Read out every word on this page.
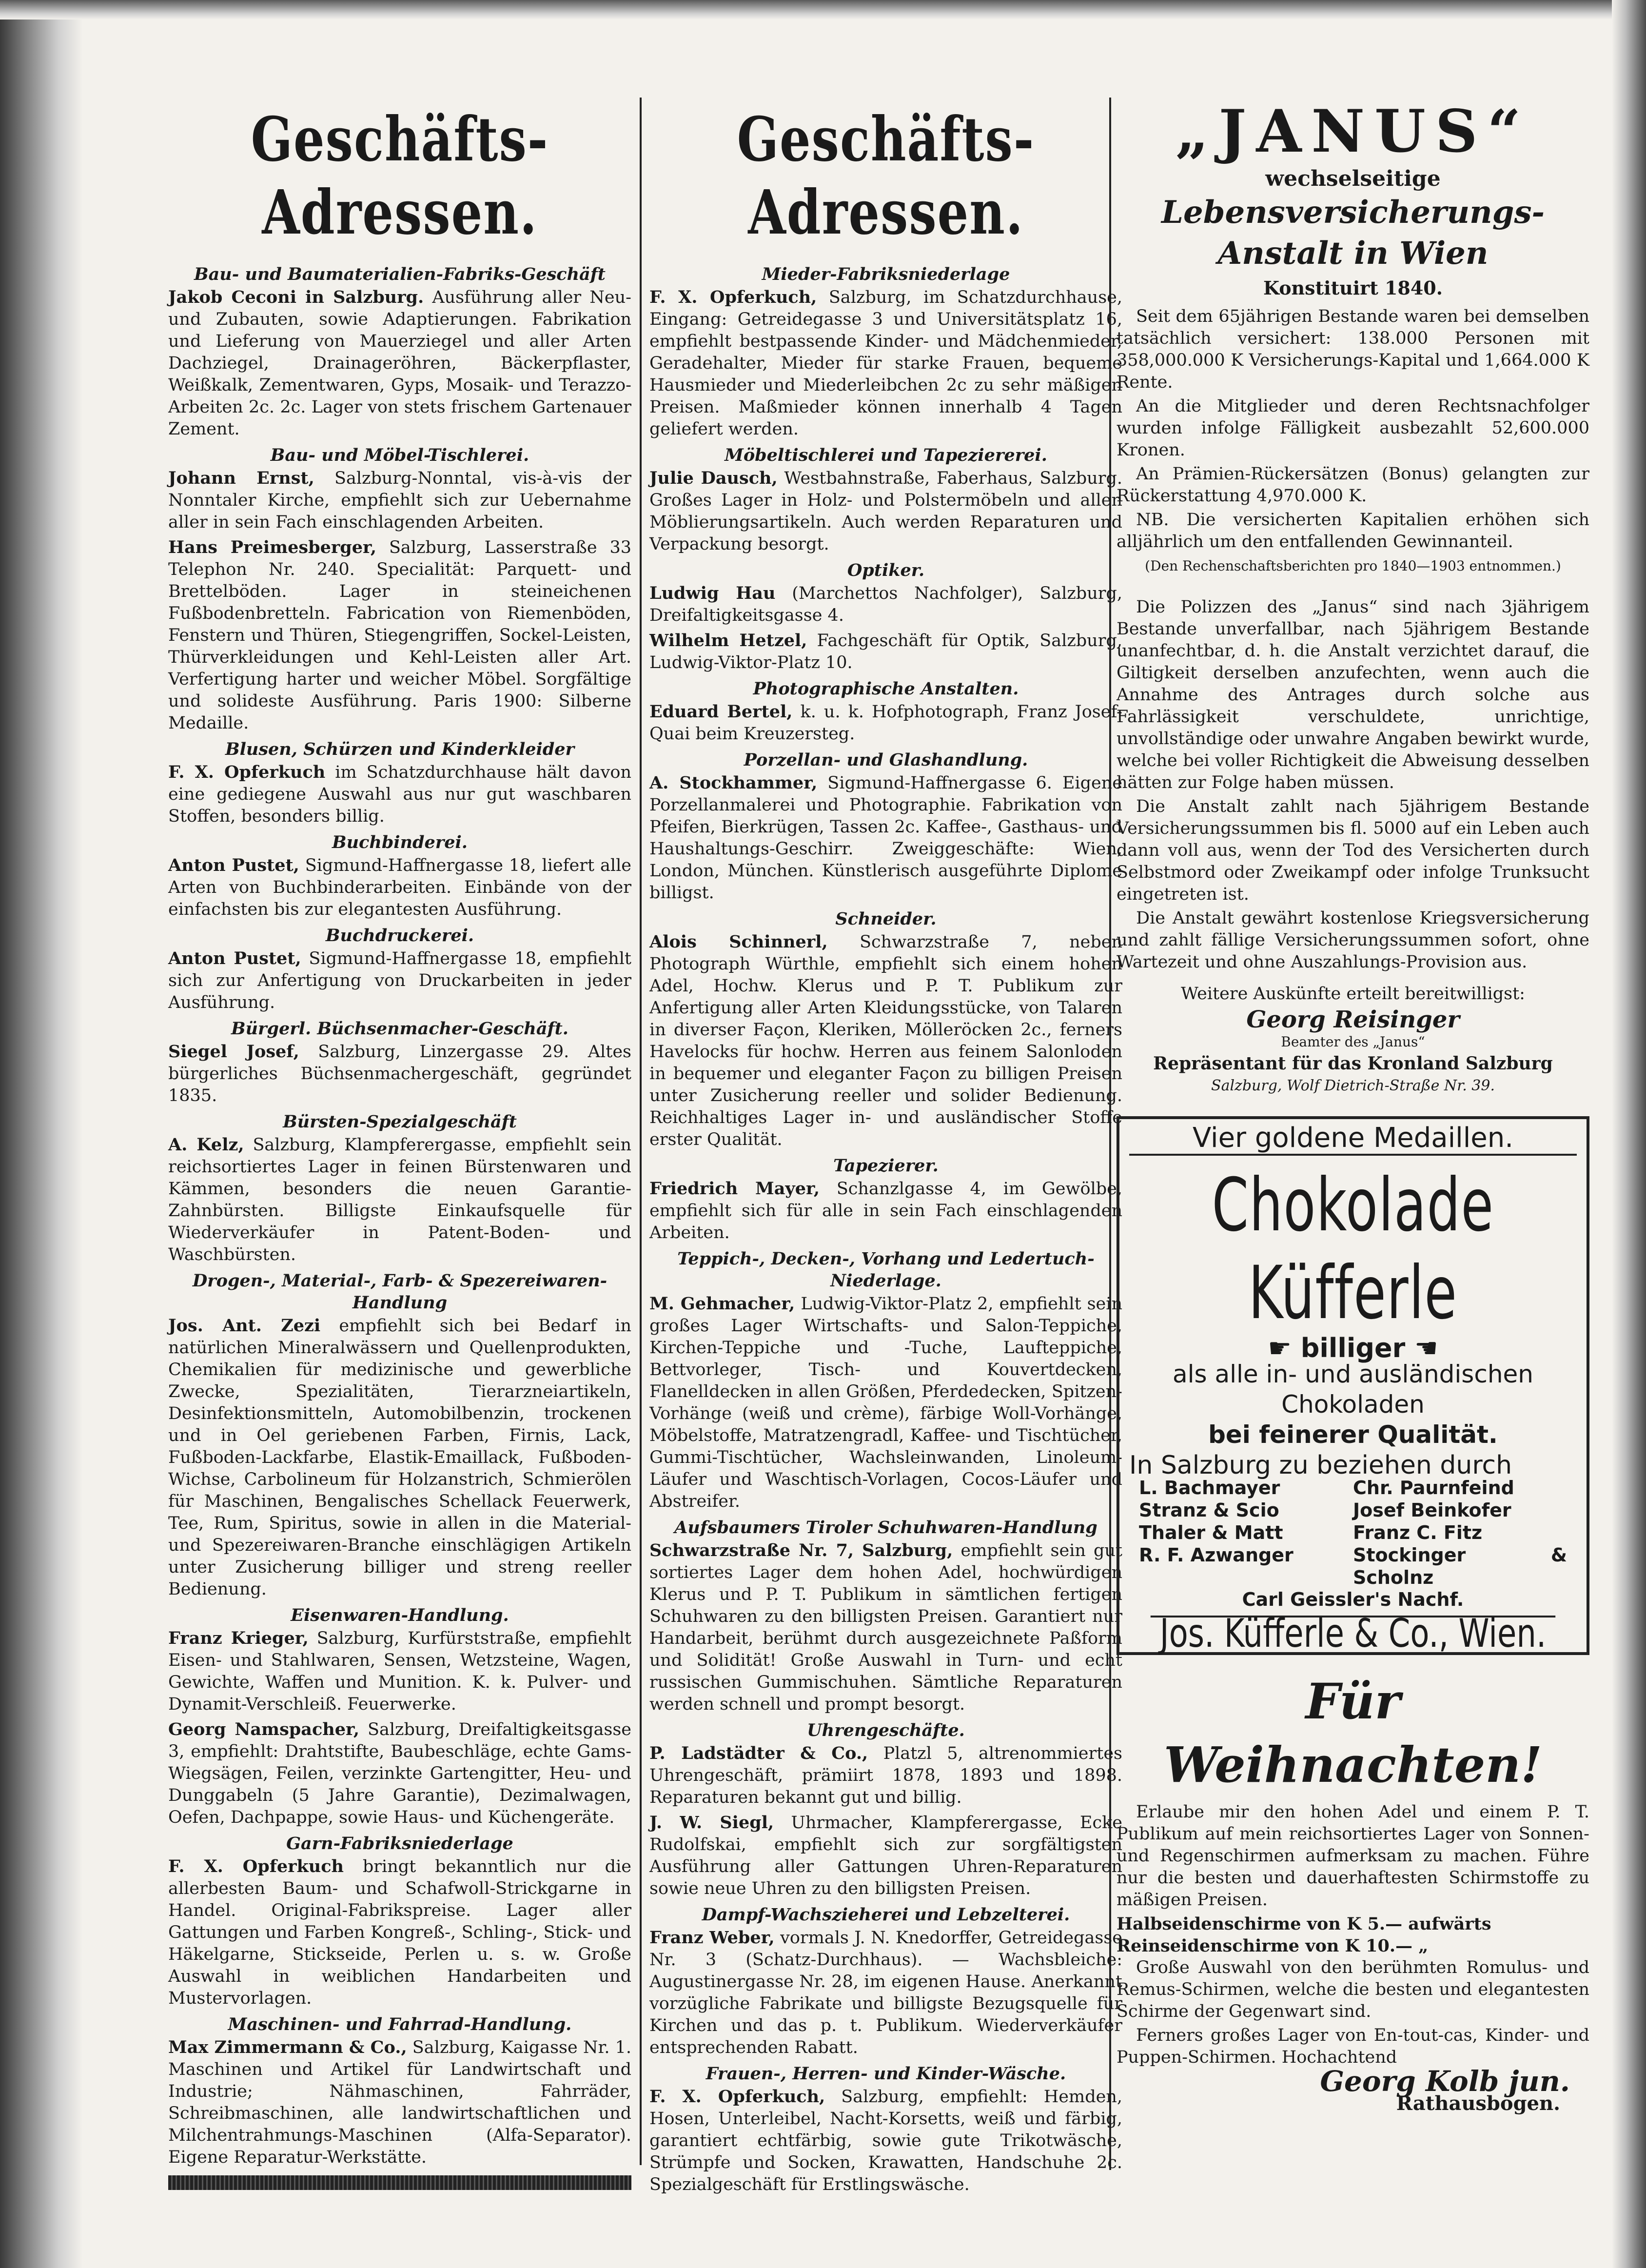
Geschäfts-Adressen.
Bau- und Baumaterialien-Fabriks-Geschäft
Jakob Ceconi in Salzburg. Ausführung aller Neu- und Zubauten, sowie Adaptierungen. Fabrikation und Lieferung von Mauerziegel und aller Arten Dachziegel, Drainageröhren, Bäckerpflaster, Weißkalk, Zementwaren, Gyps, Mosaik- und Terazzo-Arbeiten 2c. 2c. Lager von stets frischem Gartenauer Zement.
Bau- und Möbel-Tischlerei.
Johann Ernst, Salzburg-Nonntal, vis-à-vis der Nonntaler Kirche, empfiehlt sich zur Uebernahme aller in sein Fach einschlagenden Arbeiten.
Hans Preimesberger, Salzburg, Lasserstraße 33 Telephon Nr. 240. Specialität: Parquett- und Brettelböden. Lager in steineichenen Fußbodenbretteln. Fabrication von Riemenböden, Fenstern und Thüren, Stiegengriffen, Sockel-Leisten, Thürverkleidungen und Kehl-Leisten aller Art. Verfertigung harter und weicher Möbel. Sorgfältige und solideste Ausführung. Paris 1900: Silberne Medaille.
Blusen, Schürzen und Kinderkleider
F. X. Opferkuch im Schatzdurchhause hält davon eine gediegene Auswahl aus nur gut waschbaren Stoffen, besonders billig.
Buchbinderei.
Anton Pustet, Sigmund-Haffnergasse 18, liefert alle Arten von Buchbinderarbeiten. Einbände von der einfachsten bis zur elegantesten Ausführung.
Buchdruckerei.
Anton Pustet, Sigmund-Haffnergasse 18, empfiehlt sich zur Anfertigung von Druckarbeiten in jeder Ausführung.
Bürgerl. Büchsenmacher-Geschäft.
Siegel Josef, Salzburg, Linzergasse 29. Altes bürgerliches Büchsenmachergeschäft, gegründet 1835.
Bürsten-Spezialgeschäft
A. Kelz, Salzburg, Klampferergasse, empfiehlt sein reichsortiertes Lager in feinen Bürstenwaren und Kämmen, besonders die neuen Garantie-Zahnbürsten. Billigste Einkaufsquelle für Wiederverkäufer in Patent-Boden- und Waschbürsten.
Drogen-, Material-, Farb- & Spezereiwaren-Handlung
Jos. Ant. Zezi empfiehlt sich bei Bedarf in natürlichen Mineralwässern und Quellenprodukten, Chemikalien für medizinische und gewerbliche Zwecke, Spezialitäten, Tierarzneiartikeln, Desinfektionsmitteln, Automobilbenzin, trockenen und in Oel geriebenen Farben, Firnis, Lack, Fußboden-Lackfarbe, Elastik-Emaillack, Fußboden-Wichse, Carbolineum für Holzanstrich, Schmierölen für Maschinen, Bengalisches Schellack Feuerwerk, Tee, Rum, Spiritus, sowie in allen in die Material- und Spezereiwaren-Branche einschlägigen Artikeln unter Zusicherung billiger und streng reeller Bedienung.
Eisenwaren-Handlung.
Franz Krieger, Salzburg, Kurfürststraße, empfiehlt Eisen- und Stahlwaren, Sensen, Wetzsteine, Wagen, Gewichte, Waffen und Munition. K. k. Pulver- und Dynamit-Verschleiß. Feuerwerke.
Georg Namspacher, Salzburg, Dreifaltigkeitsgasse 3, empfiehlt: Drahtstifte, Baubeschläge, echte Gams-Wiegsägen, Feilen, verzinkte Gartengitter, Heu- und Dunggabeln (5 Jahre Garantie), Dezimalwagen, Oefen, Dachpappe, sowie Haus- und Küchengeräte.
Garn-Fabriksniederlage
F. X. Opferkuch bringt bekanntlich nur die allerbesten Baum- und Schafwoll-Strickgarne in Handel. Original-Fabrikspreise. Lager aller Gattungen und Farben Kongreß-, Schling-, Stick- und Häkelgarne, Stickseide, Perlen u. s. w. Große Auswahl in weiblichen Handarbeiten und Mustervorlagen.
Maschinen- und Fahrrad-Handlung.
Max Zimmermann & Co., Salzburg, Kaigasse Nr. 1. Maschinen und Artikel für Landwirtschaft und Industrie; Nähmaschinen, Fahrräder, Schreibmaschinen, alle landwirtschaftlichen und Milchentrahmungs-Maschinen (Alfa-Separator). Eigene Reparatur-Werkstätte.
Geschäfts-Adressen.
Mieder-Fabriksniederlage
F. X. Opferkuch, Salzburg, im Schatzdurchhause, Eingang: Getreidegasse 3 und Universitätsplatz 16, empfiehlt bestpassende Kinder- und Mädchenmieder, Geradehalter, Mieder für starke Frauen, bequeme Hausmieder und Miederleibchen 2c zu sehr mäßigen Preisen. Maßmieder können innerhalb 4 Tagen geliefert werden.
Möbeltischlerei und Tapeziererei.
Julie Dausch, Westbahnstraße, Faberhaus, Salzburg. Großes Lager in Holz- und Polstermöbeln und allen Möblierungsartikeln. Auch werden Reparaturen und Verpackung besorgt.
Optiker.
Ludwig Hau (Marchettos Nachfolger), Salzburg, Dreifaltigkeitsgasse 4.
Wilhelm Hetzel, Fachgeschäft für Optik, Salzburg, Ludwig-Viktor-Platz 10.
Photographische Anstalten.
Eduard Bertel, k. u. k. Hofphotograph, Franz Josef-Quai beim Kreuzersteg.
Porzellan- und Glashandlung.
A. Stockhammer, Sigmund-Haffnergasse 6. Eigene Porzellanmalerei und Photographie. Fabrikation von Pfeifen, Bierkrügen, Tassen 2c. Kaffee-, Gasthaus- und Haushaltungs-Geschirr. Zweiggeschäfte: Wien, London, München. Künstlerisch ausgeführte Diplome billigst.
Schneider.
Alois Schinnerl, Schwarzstraße 7, neben Photograph Würthle, empfiehlt sich einem hohen Adel, Hochw. Klerus und P. T. Publikum zur Anfertigung aller Arten Kleidungsstücke, von Talaren in diverser Façon, Kleriken, Mölleröcken 2c., ferners Havelocks für hochw. Herren aus feinem Salonloden in bequemer und eleganter Façon zu billigen Preisen unter Zusicherung reeller und solider Bedienung. Reichhaltiges Lager in- und ausländischer Stoffe erster Qualität.
Tapezierer.
Friedrich Mayer, Schanzlgasse 4, im Gewölbe, empfiehlt sich für alle in sein Fach einschlagenden Arbeiten.
Teppich-, Decken-, Vorhang und Ledertuch-Niederlage.
M. Gehmacher, Ludwig-Viktor-Platz 2, empfiehlt sein großes Lager Wirtschafts- und Salon-Teppiche, Kirchen-Teppiche und -Tuche, Laufteppiche, Bettvorleger, Tisch- und Kouvertdecken, Flanelldecken in allen Größen, Pferdedecken, Spitzen-Vorhänge (weiß und crème), färbige Woll-Vorhänge, Möbelstoffe, Matratzengradl, Kaffee- und Tischtücher, Gummi-Tischtücher, Wachsleinwanden, Linoleum-Läufer und Waschtisch-Vorlagen, Cocos-Läufer und Abstreifer.
Aufsbaumers Tiroler Schuhwaren-Handlung
Schwarzstraße Nr. 7, Salzburg, empfiehlt sein gut sortiertes Lager dem hohen Adel, hochwürdigen Klerus und P. T. Publikum in sämtlichen fertigen Schuhwaren zu den billigsten Preisen. Garantiert nur Handarbeit, berühmt durch ausgezeichnete Paßform und Solidität! Große Auswahl in Turn- und echt russischen Gummischuhen. Sämtliche Reparaturen werden schnell und prompt besorgt.
Uhrengeschäfte.
P. Ladstädter & Co., Platzl 5, altrenommiertes Uhrengeschäft, prämiirt 1878, 1893 und 1898. Reparaturen bekannt gut und billig.
J. W. Siegl, Uhrmacher, Klampferergasse, Ecke Rudolfskai, empfiehlt sich zur sorgfältigsten Ausführung aller Gattungen Uhren-Reparaturen sowie neue Uhren zu den billigsten Preisen.
Dampf-Wachszieherei und Lebzelterei.
Franz Weber, vormals J. N. Knedorffer, Getreidegasse Nr. 3 (Schatz-Durchhaus). — Wachsbleiche: Augustinergasse Nr. 28, im eigenen Hause. Anerkannt vorzügliche Fabrikate und billigste Bezugsquelle für Kirchen und das p. t. Publikum. Wiederverkäufer entsprechenden Rabatt.
Frauen-, Herren- und Kinder-Wäsche.
F. X. Opferkuch, Salzburg, empfiehlt: Hemden, Hosen, Unterleibel, Nacht-Korsetts, weiß und färbig, garantiert echtfärbig, sowie gute Trikotwäsche, Strümpfe und Socken, Krawatten, Handschuhe 2c. Spezialgeschäft für Erstlingswäsche.
„JANUS“
wechselseitige
Lebensversicherungs-Anstalt in Wien
Konstituirt 1840.
Seit dem 65jährigen Bestande waren bei demselben tatsächlich versichert: 138.000 Personen mit 358,000.000 K Versicherungs-Kapital und 1,664.000 K Rente.
An die Mitglieder und deren Rechtsnachfolger wurden infolge Fälligkeit ausbezahlt 52,600.000 Kronen.
An Prämien-Rückersätzen (Bonus) gelangten zur Rückerstattung 4,970.000 K.
NB. Die versicherten Kapitalien erhöhen sich alljährlich um den entfallenden Gewinnanteil.
(Den Rechenschaftsberichten pro 1840—1903 entnommen.)
Die Polizzen des „Janus“ sind nach 3jährigem Bestande unverfallbar, nach 5jährigem Bestande unanfechtbar, d. h. die Anstalt verzichtet darauf, die Giltigkeit derselben anzufechten, wenn auch die Annahme des Antrages durch solche aus Fahrlässigkeit verschuldete, unrichtige, unvollständige oder unwahre Angaben bewirkt wurde, welche bei voller Richtigkeit die Abweisung desselben hätten zur Folge haben müssen.
Die Anstalt zahlt nach 5jährigem Bestande Versicherungssummen bis fl. 5000 auf ein Leben auch dann voll aus, wenn der Tod des Versicherten durch Selbstmord oder Zweikampf oder infolge Trunksucht eingetreten ist.
Die Anstalt gewährt kostenlose Kriegsversicherung und zahlt fällige Versicherungssummen sofort, ohne Wartezeit und ohne Auszahlungs-Provision aus.
Weitere Auskünfte erteilt bereitwilligst:
Georg Reisinger
Beamter des „Janus“
Repräsentant für das Kronland Salzburg
Salzburg, Wolf Dietrich-Straße Nr. 39.
Vier goldene Medaillen.
Chokolade Küfferle
☛ billiger ☚
als alle in- und ausländischen Chokoladen
bei feinerer Qualität.
In Salzburg zu beziehen durch
L. Bachmayer	Chr. Paurnfeind
Stranz & Scio	Josef Beinkofer
Thaler & Matt	Franz C. Fitz
R. F. Azwanger	Stockinger & Scholnz
Carl Geissler's Nachf.
Jos. Küfferle & Co., Wien.
Für Weihnachten!
Erlaube mir den hohen Adel und einem P. T. Publikum auf mein reichsortiertes Lager von Sonnen- und Regenschirmen aufmerksam zu machen. Führe nur die besten und dauerhaftesten Schirmstoffe zu mäßigen Preisen.
Halbseidenschirme von K 5.— aufwärts
Reinseidenschirme von K 10.— „
Große Auswahl von den berühmten Romulus- und Remus-Schirmen, welche die besten und elegantesten Schirme der Gegenwart sind.
Ferners großes Lager von En-tout-cas, Kinder- und Puppen-Schirmen. Hochachtend
Georg Kolb jun.
Rathausbogen.
